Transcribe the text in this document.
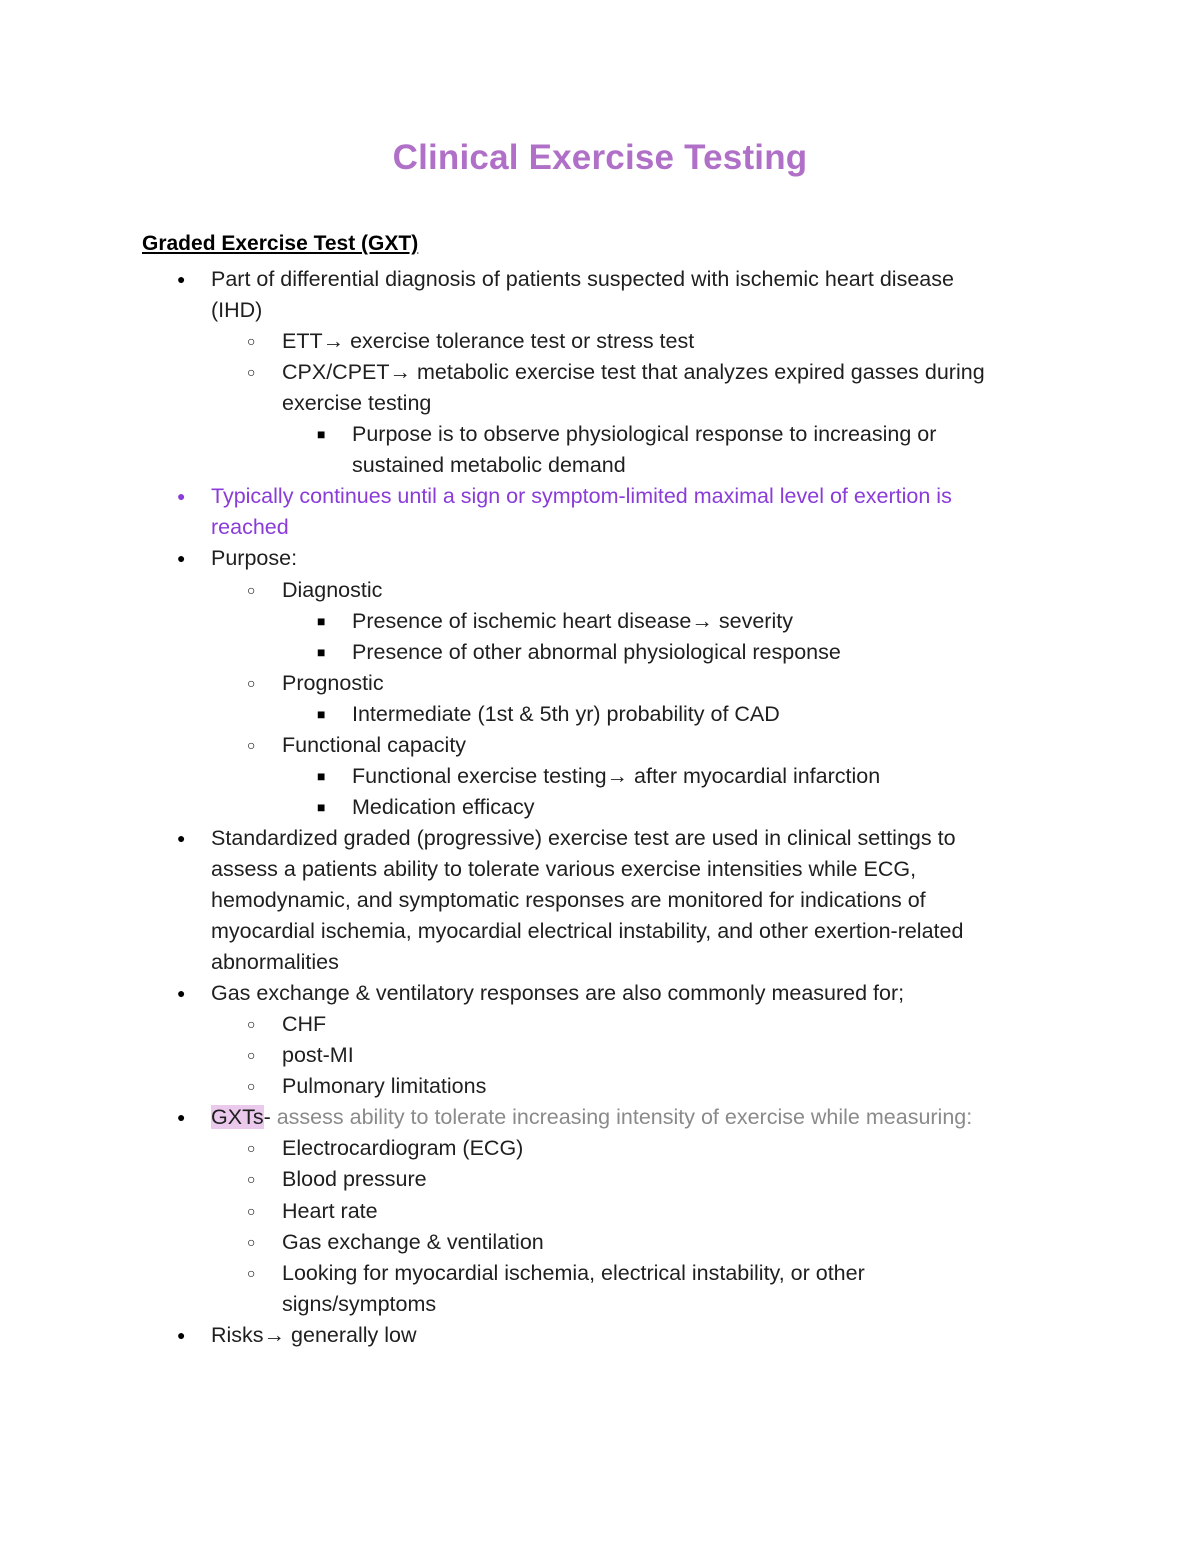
Clinical Exercise Testing
Graded Exercise Test (GXT)
● Part of differential diagnosis of patients suspected with ischemic heart disease
(IHD)
○ ETT→ exercise tolerance test or stress test
○ CPX/CPET→ metabolic exercise test that analyzes expired gasses during
exercise testing
■ Purpose is to observe physiological response to increasing or
sustained metabolic demand
● Typically continues until a sign or symptom-limited maximal level of exertion is
reached
● Purpose:
○ Diagnostic
■ Presence of ischemic heart disease→ severity
■ Presence of other abnormal physiological response
○ Prognostic
■ Intermediate (1st & 5th yr) probability of CAD
○ Functional capacity
■ Functional exercise testing→ after myocardial infarction
■ Medication efficacy
● Standardized graded (progressive) exercise test are used in clinical settings to
assess a patients ability to tolerate various exercise intensities while ECG,
hemodynamic, and symptomatic responses are monitored for indications of
myocardial ischemia, myocardial electrical instability, and other exertion-related
abnormalities
● Gas exchange & ventilatory responses are also commonly measured for;
○ CHF
○ post-MI
○ Pulmonary limitations
● GXTs- assess ability to tolerate increasing intensity of exercise while measuring:
○ Electrocardiogram (ECG)
○ Blood pressure
○ Heart rate
○ Gas exchange & ventilation
○ Looking for myocardial ischemia, electrical instability, or other
signs/symptoms
● Risks→ generally low
